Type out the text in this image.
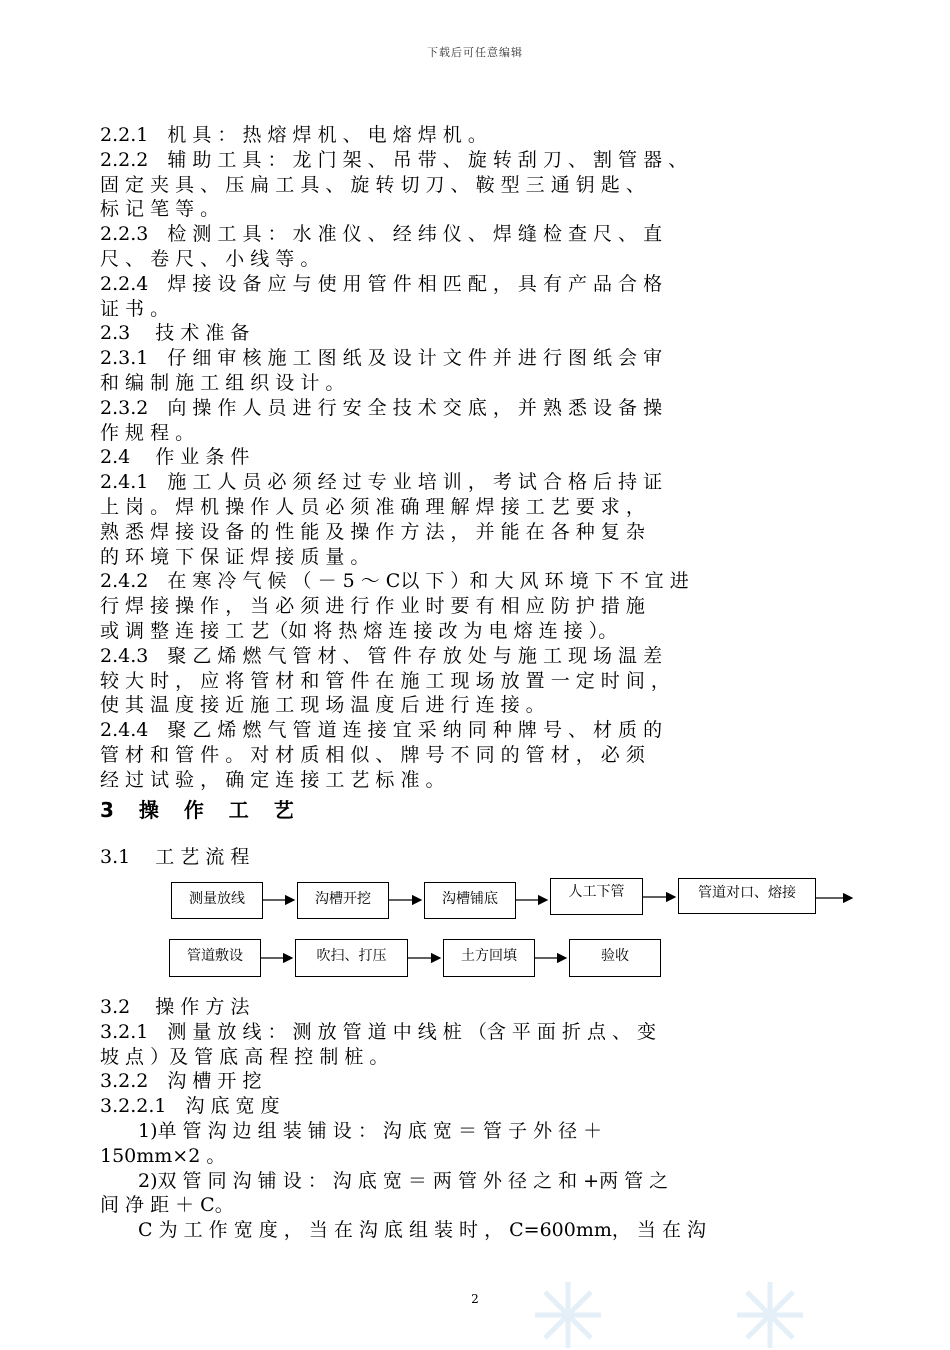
下载后可任意编辑
2.2.1　机 具 ： 热 熔 焊 机 、 电 熔 焊 机 。
2.2.2　辅 助 工 具 ： 龙 门 架 、 吊 带 、 旋 转 刮 刀 、 割 管 器 、
固 定 夹 具 、 压 扁 工 具 、 旋 转 切 刀 、 鞍 型 三 通 钥 匙 、
标 记 笔 等 。
2.2.3　检 测 工 具 ： 水 准 仪 、 经 纬 仪 、 焊 缝 检 查 尺 、 直
尺 、 卷 尺 、 小 线 等 。
2.2.4　焊 接 设 备 应 与 使 用 管 件 相 匹 配 ， 具 有 产 品 合 格
证 书 。
2.3　 技 术 准 备
2.3.1　仔 细 审 核 施 工 图 纸 及 设 计 文 件 并 进 行 图 纸 会 审
和 编 制 施 工 组 织 设 计 。
2.3.2　向 操 作 人 员 进 行 安 全 技 术 交 底 ， 并 熟 悉 设 备 操
作 规 程 。
2.4　 作 业 条 件
2.4.1　施 工 人 员 必 须 经 过 专 业 培 训 ， 考 试 合 格 后 持 证
上 岗 。 焊 机 操 作 人 员 必 须 准 确 理 解 焊 接 工 艺 要 求 ，
熟 悉 焊 接 设 备 的 性 能 及 操 作 方 法 ， 并 能 在 各 种 复 杂
的 环 境 下 保 证 焊 接 质 量 。
2.4.2　在 寒 冷 气 候 （ － 5 ～ C以 下 ）和 大 风 环 境 下 不 宜 进
行 焊 接 操 作 ， 当 必 须 进 行 作 业 时 要 有 相 应 防 护 措 施
或 调 整 连 接 工 艺（如 将 热 熔 连 接 改 为 电 熔 连 接 ）。
2.4.3　聚 乙 烯 燃 气 管 材 、 管 件 存 放 处 与 施 工 现 场 温 差
较 大 时 ， 应 将 管 材 和 管 件 在 施 工 现 场 放 置 一 定 时 间 ，
使 其 温 度 接 近 施 工 现 场 温 度 后 进 行 连 接 。
2.4.4　聚 乙 烯 燃 气 管 道 连 接 宜 采 纳 同 种 牌 号 、 材 质 的
管 材 和 管 件 。 对 材 质 相 似 、 牌 号 不 同 的 管 材 ， 必 须
经 过 试 验 ， 确 定 连 接 工 艺 标 准 。
3 操 作 工 艺
测量放线	沟槽开挖	沟槽铺底	人工下管	管道对口、熔接
管道敷设	吹扫、打压	土方回填	验收
3.2　 操 作 方 法
3.2.1　测 量 放 线 ： 测 放 管 道 中 线 桩 （含 平 面 折 点 、 变
坡 点 ）及 管 底 高 程 控 制 桩 。
3.2.2　沟 槽 开 挖
3.2.2.1　沟 底 宽 度
　　1)单 管 沟 边 组 装 铺 设 ： 沟 底 宽 ＝ 管 子 外 径 ＋
150mm×2 。
　　2)双 管 同 沟 铺 设 ： 沟 底 宽 ＝ 两 管 外 径 之 和 +两 管 之
间 净 距 ＋ C。
　　C 为 工 作 宽 度 ， 当 在 沟 底 组 装 时 ， C=600mm， 当 在 沟
2
3.1　 工 艺 流 程
